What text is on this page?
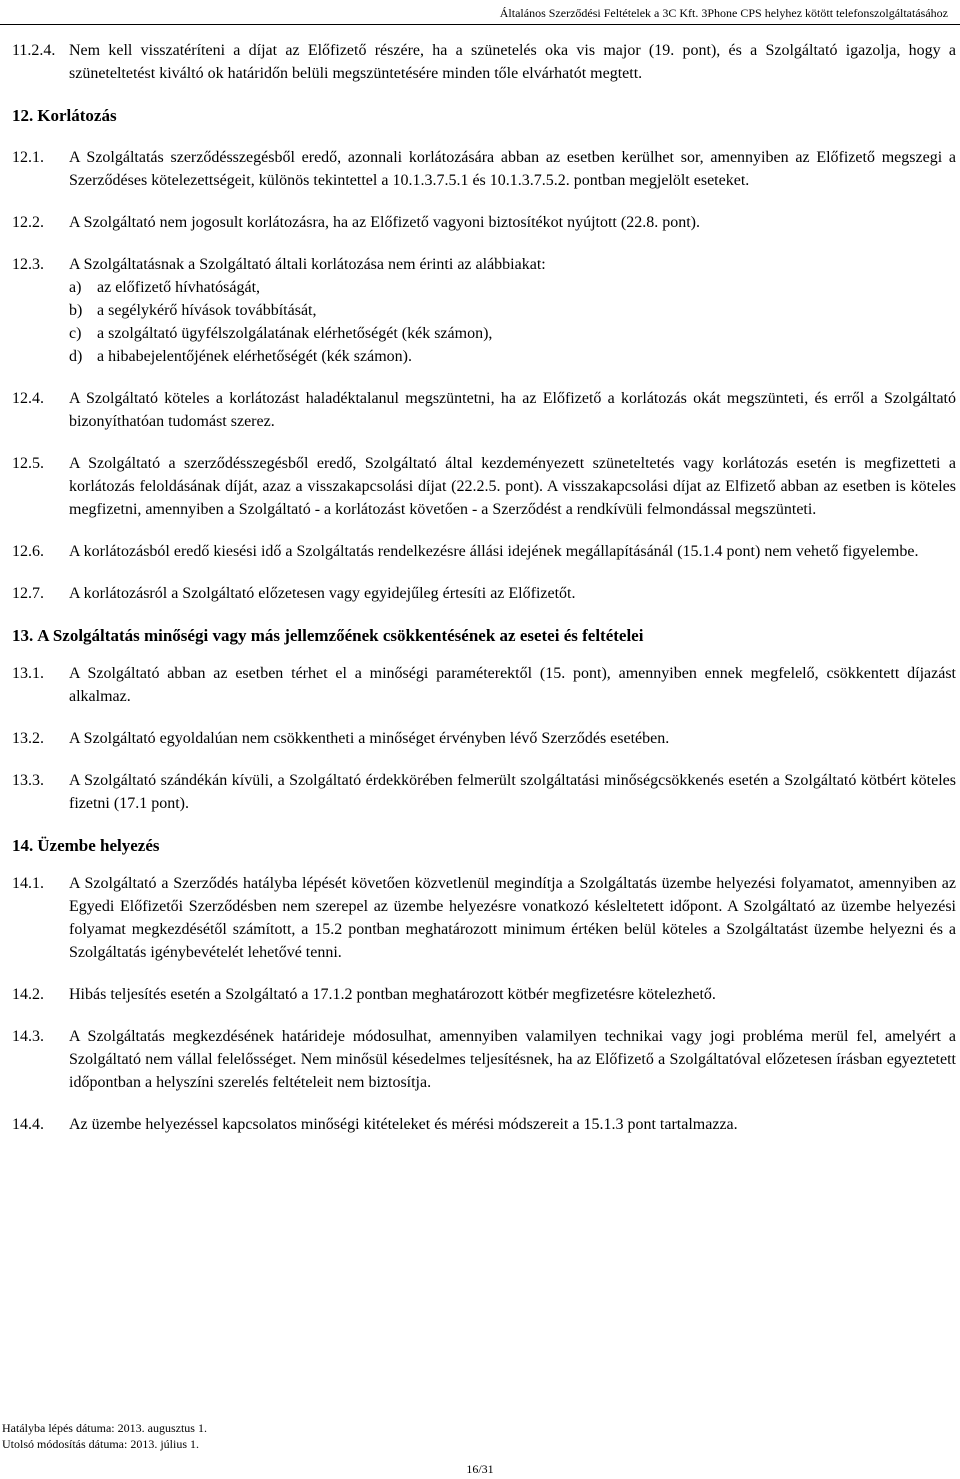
Általános Szerződési Feltételek a 3C Kft. 3Phone CPS helyhez kötött telefonszolgáltatásához
11.2.4. Nem kell visszatéríteni a díjat az Előfizető részére, ha a szünetelés oka vis major (19. pont), és a Szolgáltató igazolja, hogy a szüneteltetést kiváltó ok határidőn belüli megszüntetésére minden tőle elvárhatót megtett.
12. Korlátozás
12.1.	A Szolgáltatás szerződésszegésből eredő, azonnali korlátozására abban az esetben kerülhet sor, amennyiben az Előfizető megszegi a Szerződéses kötelezettségeit, különös tekintettel a 10.1.3.7.5.1 és 10.1.3.7.5.2. pontban megjelölt eseteket.
12.2.	A Szolgáltató nem jogosult korlátozásra, ha az Előfizető vagyoni biztosítékot nyújtott (22.8. pont).
12.3.	A Szolgáltatásnak a Szolgáltató általi korlátozása nem érinti az alábbiakat:
a) az előfizető hívhatóságát,
b) a segélykérő hívások továbbítását,
c) a szolgáltató ügyfélszolgálatának elérhetőségét (kék számon),
d) a hibabejelentőjének elérhetőségét (kék számon).
12.4.	A Szolgáltató köteles a korlátozást haladéktalanul megszüntetni, ha az Előfizető a korlátozás okát megszünteti, és erről a Szolgáltató bizonyíthatóan tudomást szerez.
12.5.	A Szolgáltató a szerződésszegésből eredő, Szolgáltató által kezdeményezett szüneteltetés vagy korlátozás esetén is megfizetteti a korlátozás feloldásának díját, azaz a visszakapcsolási díjat (22.2.5. pont). A visszakapcsolási díjat az Elfizető abban az esetben is köteles megfizetni, amennyiben a Szolgáltató - a korlátozást követően - a Szerződést a rendkívüli felmondással megszünteti.
12.6.	A korlátozásból eredő kiesési idő a Szolgáltatás rendelkezésre állási idejének megállapításánál (15.1.4 pont) nem vehető figyelembe.
12.7.	A korlátozásról a Szolgáltató előzetesen vagy egyidejűleg értesíti az Előfizetőt.
13. A Szolgáltatás minőségi vagy más jellemzőének csökkentésének az esetei és feltételei
13.1.	A Szolgáltató abban az esetben térhet el a minőségi paraméterektől (15. pont), amennyiben ennek megfelelő, csökkentett díjazást alkalmaz.
13.2.	A Szolgáltató egyoldalúan nem csökkentheti a minőséget érvényben lévő Szerződés esetében.
13.3.	A Szolgáltató szándékán kívüli, a Szolgáltató érdekkörében felmerült szolgáltatási minőségcsökkenés esetén a Szolgáltató kötbért köteles fizetni (17.1 pont).
14. Üzembe helyezés
14.1.	A Szolgáltató a Szerződés hatályba lépését követően közvetlenül megindítja a Szolgáltatás üzembe helyezési folyamatot, amennyiben az Egyedi Előfizetői Szerződésben nem szerepel az üzembe helyezésre vonatkozó késleltetett időpont. A Szolgáltató az üzembe helyezési folyamat megkezdésétől számított, a 15.2 pontban meghatározott minimum értéken belül köteles a Szolgáltatást üzembe helyezni és a Szolgáltatás igénybevételét lehetővé tenni.
14.2.	Hibás teljesítés esetén a Szolgáltató a 17.1.2 pontban meghatározott kötbér megfizetésre kötelezhető.
14.3.	A Szolgáltatás megkezdésének határideje módosulhat, amennyiben valamilyen technikai vagy jogi probléma merül fel, amelyért a Szolgáltató nem vállal felelősséget. Nem minősül késedelmes teljesítésnek, ha az Előfizető a Szolgáltatóval előzetesen írásban egyeztetett időpontban a helyszíni szerelés feltételeit nem biztosítja.
14.4.	Az üzembe helyezéssel kapcsolatos minőségi kitételeket és mérési módszereit a 15.1.3 pont tartalmazza.
Hatályba lépés dátuma: 2013. augusztus 1.
Utolsó módosítás dátuma: 2013. július 1.
16/31
